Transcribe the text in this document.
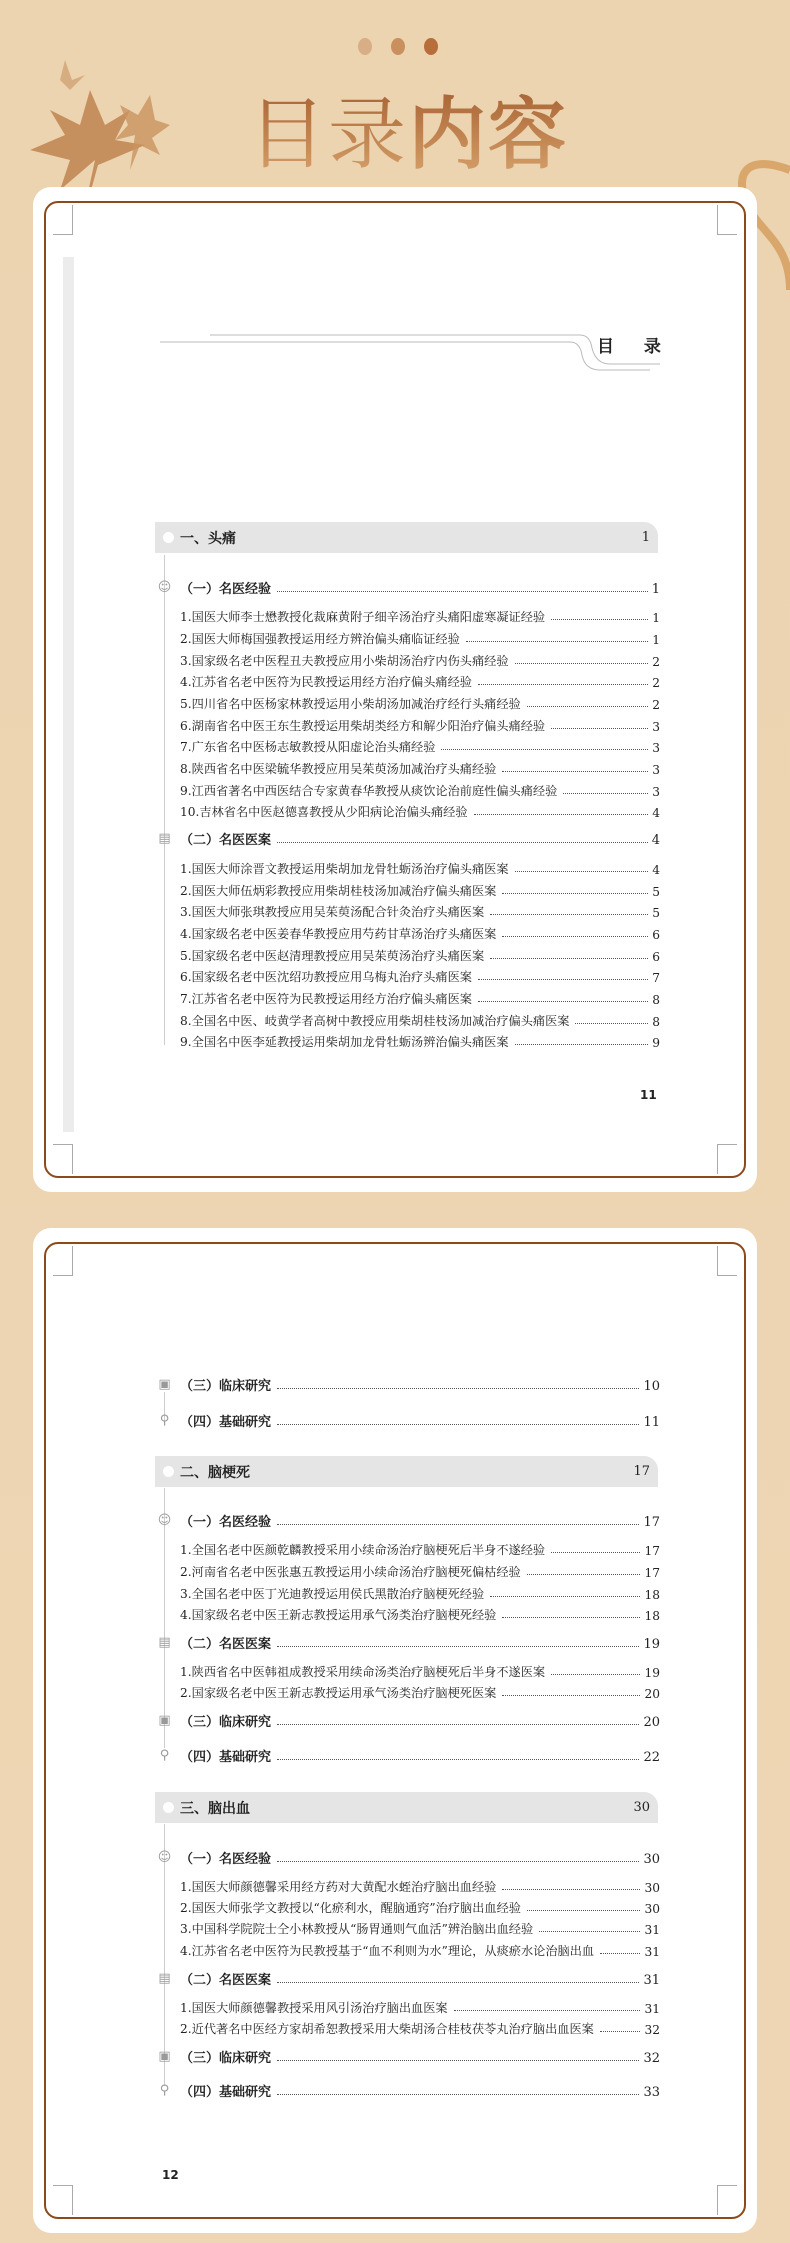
目录内容
目 录
一、头痛	1
☺ （一）名医经验	1
1.国医大师李士懋教授化裁麻黄附子细辛汤治疗头痛阳虚寒凝证经验	1
2.国医大师梅国强教授运用经方辨治偏头痛临证经验	1
3.国家级名老中医程丑夫教授应用小柴胡汤治疗内伤头痛经验	2
4.江苏省名老中医符为民教授运用经方治疗偏头痛经验	2
5.四川省名中医杨家林教授运用小柴胡汤加减治疗经行头痛经验	2
6.湖南省名中医王东生教授运用柴胡类经方和解少阳治疗偏头痛经验	3
7.广东省名中医杨志敏教授从阳虚论治头痛经验	3
8.陕西省名中医梁毓华教授应用吴茱萸汤加减治疗头痛经验	3
9.江西省著名中西医结合专家黄春华教授从痰饮论治前庭性偏头痛经验	3
10.吉林省名中医赵德喜教授从少阳病论治偏头痛经验	4
▤ （二）名医医案	4
1.国医大师涂晋文教授运用柴胡加龙骨牡蛎汤治疗偏头痛医案	4
2.国医大师伍炳彩教授应用柴胡桂枝汤加减治疗偏头痛医案	5
3.国医大师张琪教授应用吴茱萸汤配合针灸治疗头痛医案	5
4.国家级名老中医姜春华教授应用芍药甘草汤治疗头痛医案	6
5.国家级名老中医赵清理教授应用吴茱萸汤治疗头痛医案	6
6.国家级名老中医沈绍功教授应用乌梅丸治疗头痛医案	7
7.江苏省名老中医符为民教授运用经方治疗偏头痛医案	8
8.全国名中医、岐黄学者高树中教授应用柴胡桂枝汤加减治疗偏头痛医案	8
9.全国名中医李延教授运用柴胡加龙骨牡蛎汤辨治偏头痛医案	9
11
▣ （三）临床研究	10
⚲ （四）基础研究	11
二、脑梗死	17
☺ （一）名医经验	17
1.全国名老中医颜乾麟教授采用小续命汤治疗脑梗死后半身不遂经验	17
2.河南省名老中医张惠五教授运用小续命汤治疗脑梗死偏枯经验	17
3.全国名老中医丁光迪教授运用侯氏黑散治疗脑梗死经验	18
4.国家级名老中医王新志教授运用承气汤类治疗脑梗死经验	18
▤ （二）名医医案	19
1.陕西省名中医韩祖成教授采用续命汤类治疗脑梗死后半身不遂医案	19
2.国家级名老中医王新志教授运用承气汤类治疗脑梗死医案	20
▣ （三）临床研究	20
⚲ （四）基础研究	22
三、脑出血	30
☺ （一）名医经验	30
1.国医大师颜德馨采用经方药对大黄配水蛭治疗脑出血经验	30
2.国医大师张学文教授以“化瘀利水，醒脑通窍”治疗脑出血经验	30
3.中国科学院院士仝小林教授从“肠胃通则气血活”辨治脑出血经验	31
4.江苏省名老中医符为民教授基于“血不利则为水”理论，从痰瘀水论治脑出血	31
▤ （二）名医医案	31
1.国医大师颜德馨教授采用风引汤治疗脑出血医案	31
2.近代著名中医经方家胡希恕教授采用大柴胡汤合桂枝茯苓丸治疗脑出血医案	32
▣ （三）临床研究	32
⚲ （四）基础研究	33
12
